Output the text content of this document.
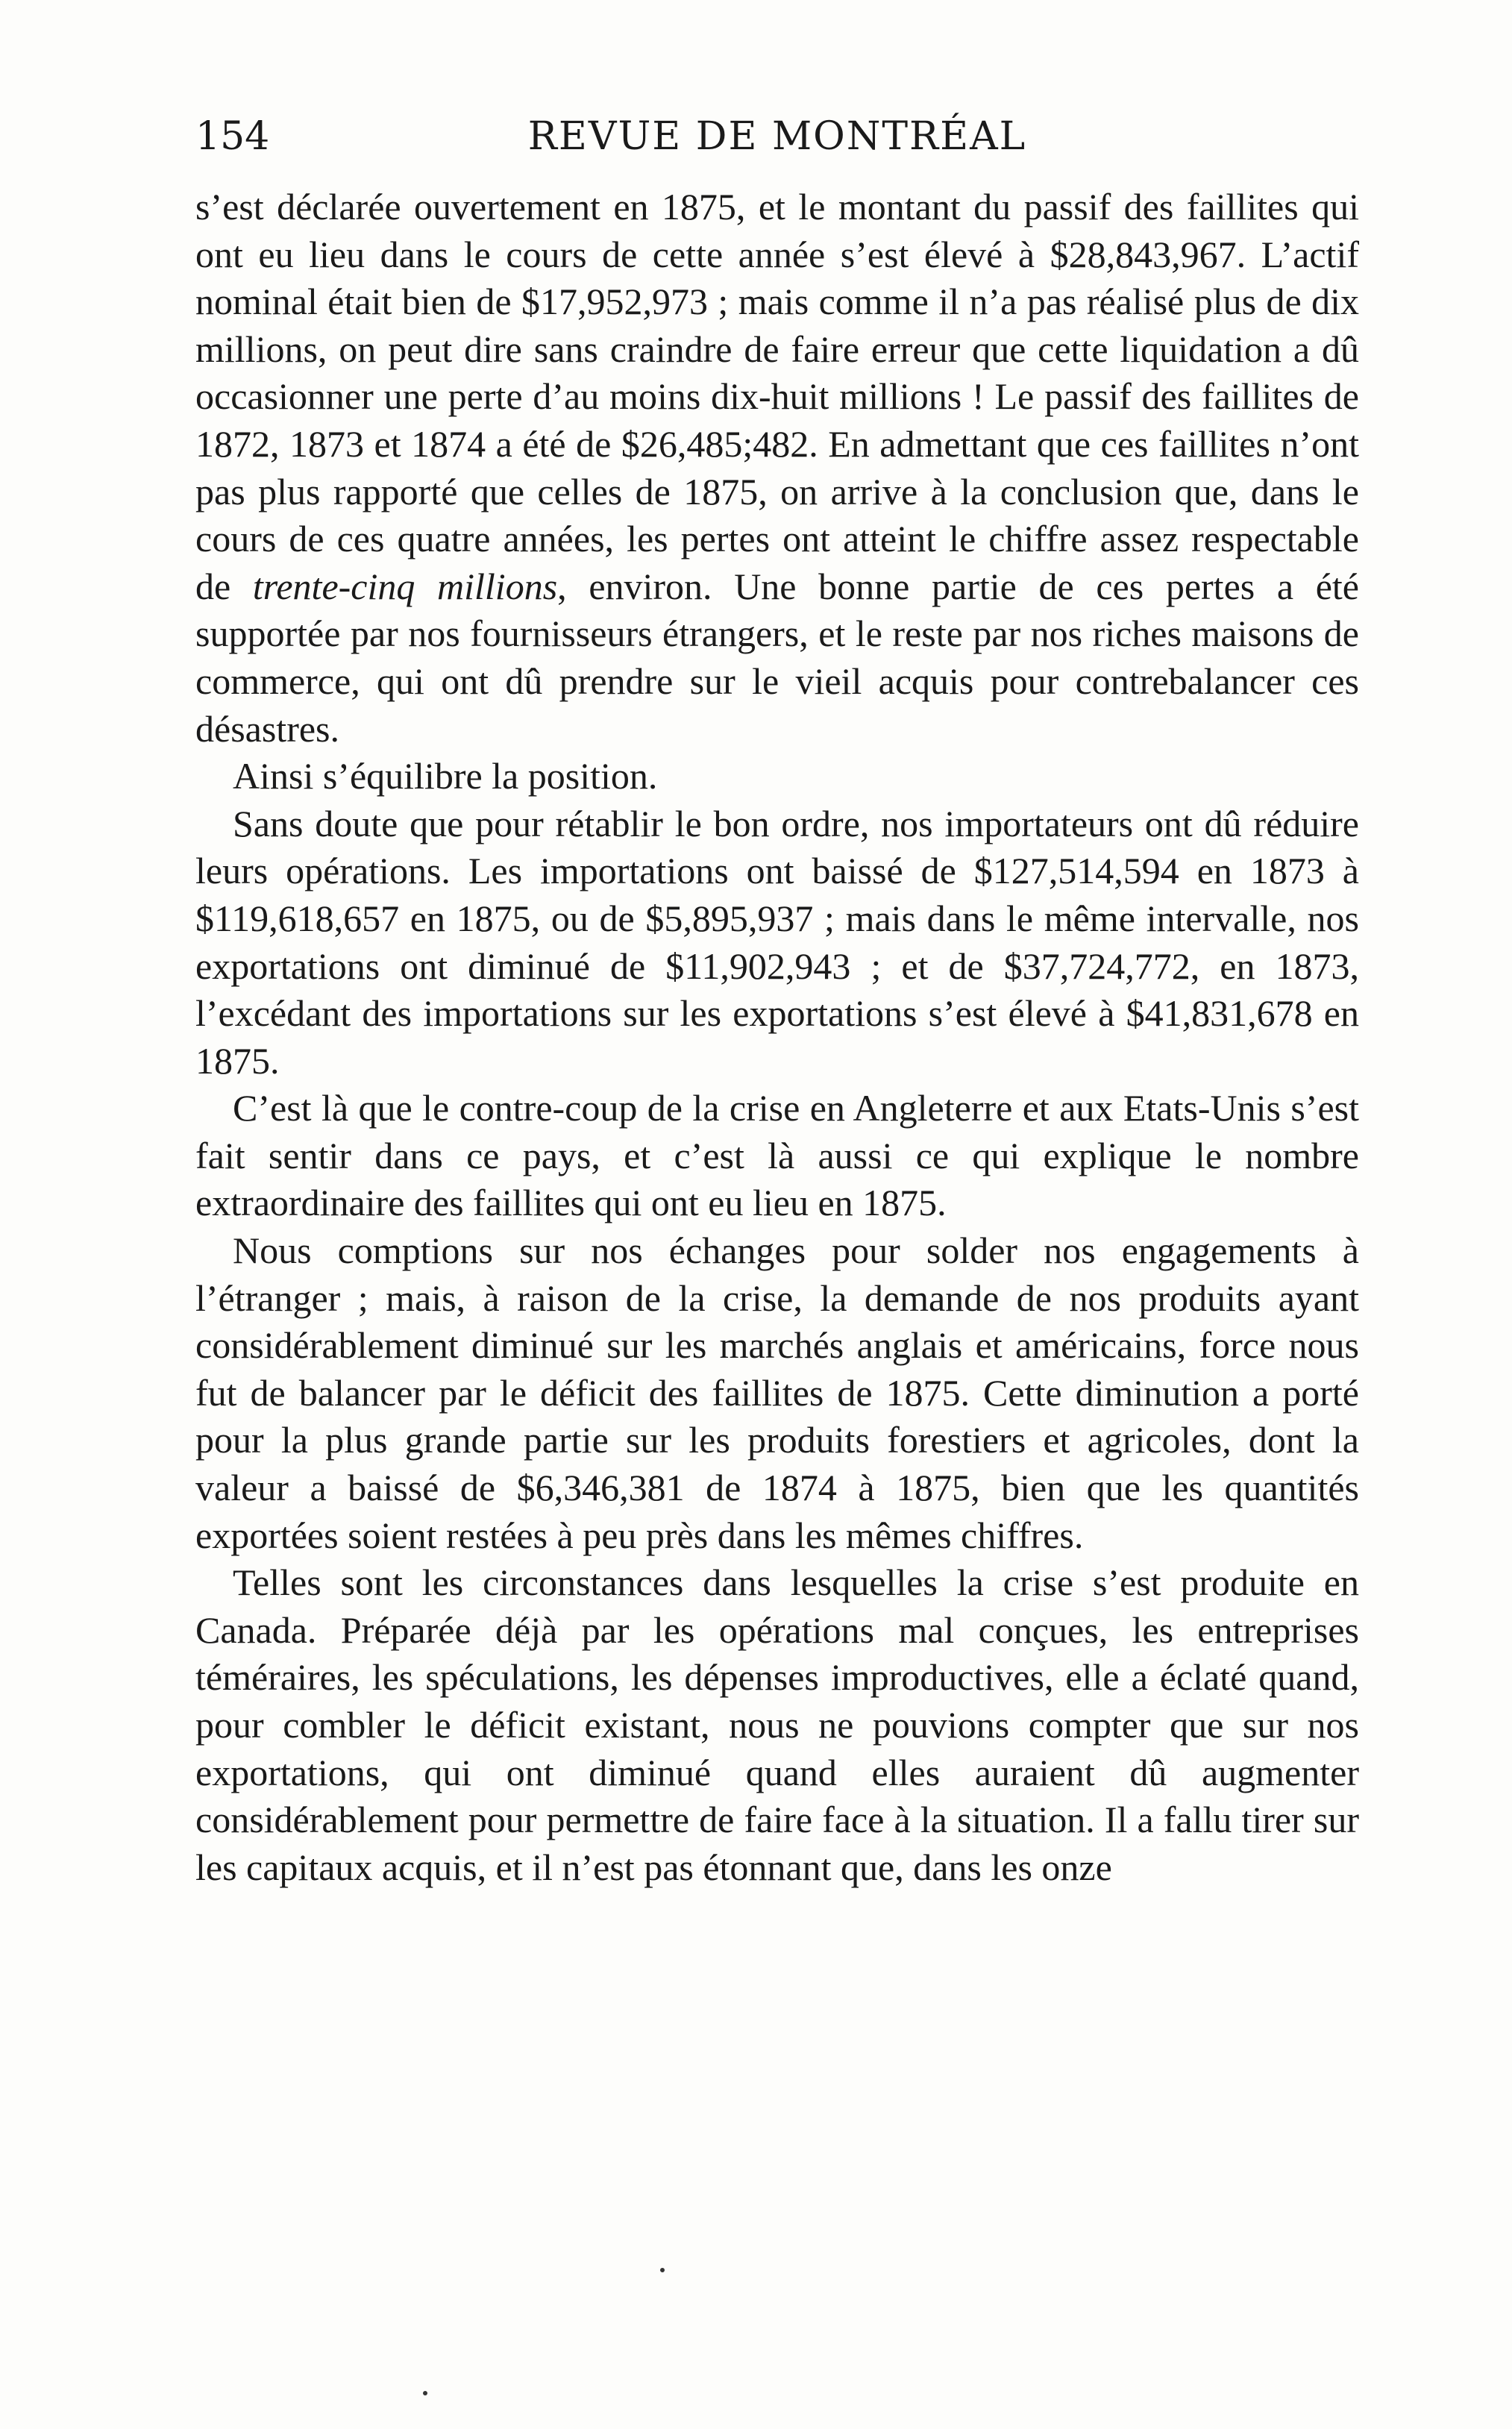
154	REVUE DE MONTRÉAL

s’est déclarée ouvertement en 1875, et le montant du passif des faillites qui ont eu lieu dans le cours de cette année s’est élevé à $28,843,967. L’actif nominal était bien de $17,952,973 ; mais comme il n’a pas réalisé plus de dix millions, on peut dire sans craindre de faire erreur que cette liquidation a dû occasionner une perte d’au moins dix-huit millions ! Le passif des faillites de 1872, 1873 et 1874 a été de $26,485;482. En admettant que ces faillites n’ont pas plus rapporté que celles de 1875, on arrive à la conclusion que, dans le cours de ces quatre années, les pertes ont atteint le chiffre assez respectable de trente-cinq millions, environ. Une bonne partie de ces pertes a été supportée par nos fournisseurs étrangers, et le reste par nos riches maisons de commerce, qui ont dû prendre sur le vieil acquis pour contrebalancer ces désastres.

Ainsi s’équilibre la position.

Sans doute que pour rétablir le bon ordre, nos importateurs ont dû réduire leurs opérations. Les importations ont baissé de $127,514,594 en 1873 à $119,618,657 en 1875, ou de $5,895,937 ; mais dans le même intervalle, nos exportations ont diminué de $11,902,943 ; et de $37,724,772, en 1873, l’excédant des importations sur les exportations s’est élevé à $41,831,678 en 1875.

C’est là que le contre-coup de la crise en Angleterre et aux Etats-Unis s’est fait sentir dans ce pays, et c’est là aussi ce qui explique le nombre extraordinaire des faillites qui ont eu lieu en 1875.

Nous comptions sur nos échanges pour solder nos engagements à l’étranger ; mais, à raison de la crise, la demande de nos produits ayant considérablement diminué sur les marchés anglais et américains, force nous fut de balancer par le déficit des faillites de 1875. Cette diminution a porté pour la plus grande partie sur les produits forestiers et agricoles, dont la valeur a baissé de $6,346,381 de 1874 à 1875, bien que les quantités exportées soient restées à peu près dans les mêmes chiffres.

Telles sont les circonstances dans lesquelles la crise s’est produite en Canada. Préparée déjà par les opérations mal conçues, les entreprises téméraires, les spéculations, les dépenses improductives, elle a éclaté quand, pour combler le déficit existant, nous ne pouvions compter que sur nos exportations, qui ont diminué quand elles auraient dû augmenter considérablement pour permettre de faire face à la situation. Il a fallu tirer sur les capitaux acquis, et il n’est pas étonnant que, dans les onze
